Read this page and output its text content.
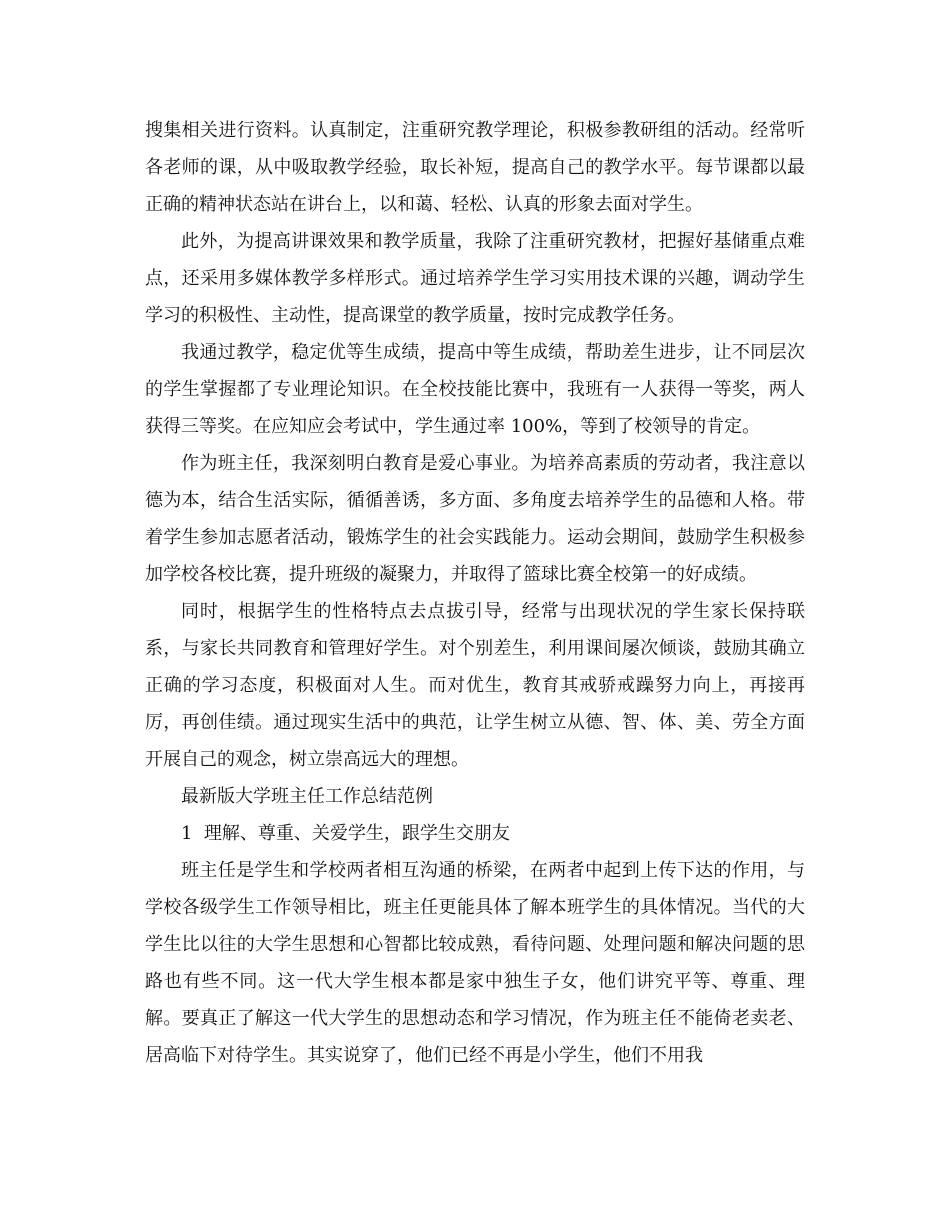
搜集相关进行资料。认真制定，注重研究教学理论，积极参教研组的活动。经常听各老师的课，从中吸取教学经验，取长补短，提高自己的教学水平。每节课都以最正确的精神状态站在讲台上，以和蔼、轻松、认真的形象去面对学生。

此外，为提高讲课效果和教学质量，我除了注重研究教材，把握好基储重点难点，还采用多媒体教学多样形式。通过培养学生学习实用技术课的兴趣，调动学生学习的积极性、主动性，提高课堂的教学质量，按时完成教学任务。

我通过教学，稳定优等生成绩，提高中等生成绩，帮助差生进步，让不同层次的学生掌握都了专业理论知识。在全校技能比赛中，我班有一人获得一等奖，两人获得三等奖。在应知应会考试中，学生通过率 100%，等到了校领导的肯定。

作为班主任，我深刻明白教育是爱心事业。为培养高素质的劳动者，我注意以德为本，结合生活实际，循循善诱，多方面、多角度去培养学生的品德和人格。带着学生参加志愿者活动，锻炼学生的社会实践能力。运动会期间，鼓励学生积极参加学校各校比赛，提升班级的凝聚力，并取得了篮球比赛全校第一的好成绩。

同时，根据学生的性格特点去点拔引导，经常与出现状况的学生家长保持联系，与家长共同教育和管理好学生。对个别差生，利用课间屡次倾谈，鼓励其确立正确的学习态度，积极面对人生。而对优生，教育其戒骄戒躁努力向上，再接再厉，再创佳绩。通过现实生活中的典范，让学生树立从德、智、体、美、劳全方面开展自己的观念，树立崇高远大的理想。

最新版大学班主任工作总结范例

1  理解、尊重、关爱学生，跟学生交朋友

班主任是学生和学校两者相互沟通的桥梁，在两者中起到上传下达的作用，与学校各级学生工作领导相比，班主任更能具体了解本班学生的具体情况。当代的大学生比以往的大学生思想和心智都比较成熟，看待问题、处理问题和解决问题的思路也有些不同。这一代大学生根本都是家中独生子女，他们讲究平等、尊重、理解。要真正了解这一代大学生的思想动态和学习情况，作为班主任不能倚老卖老、居高临下对待学生。其实说穿了，他们已经不再是小学生，他们不用我
